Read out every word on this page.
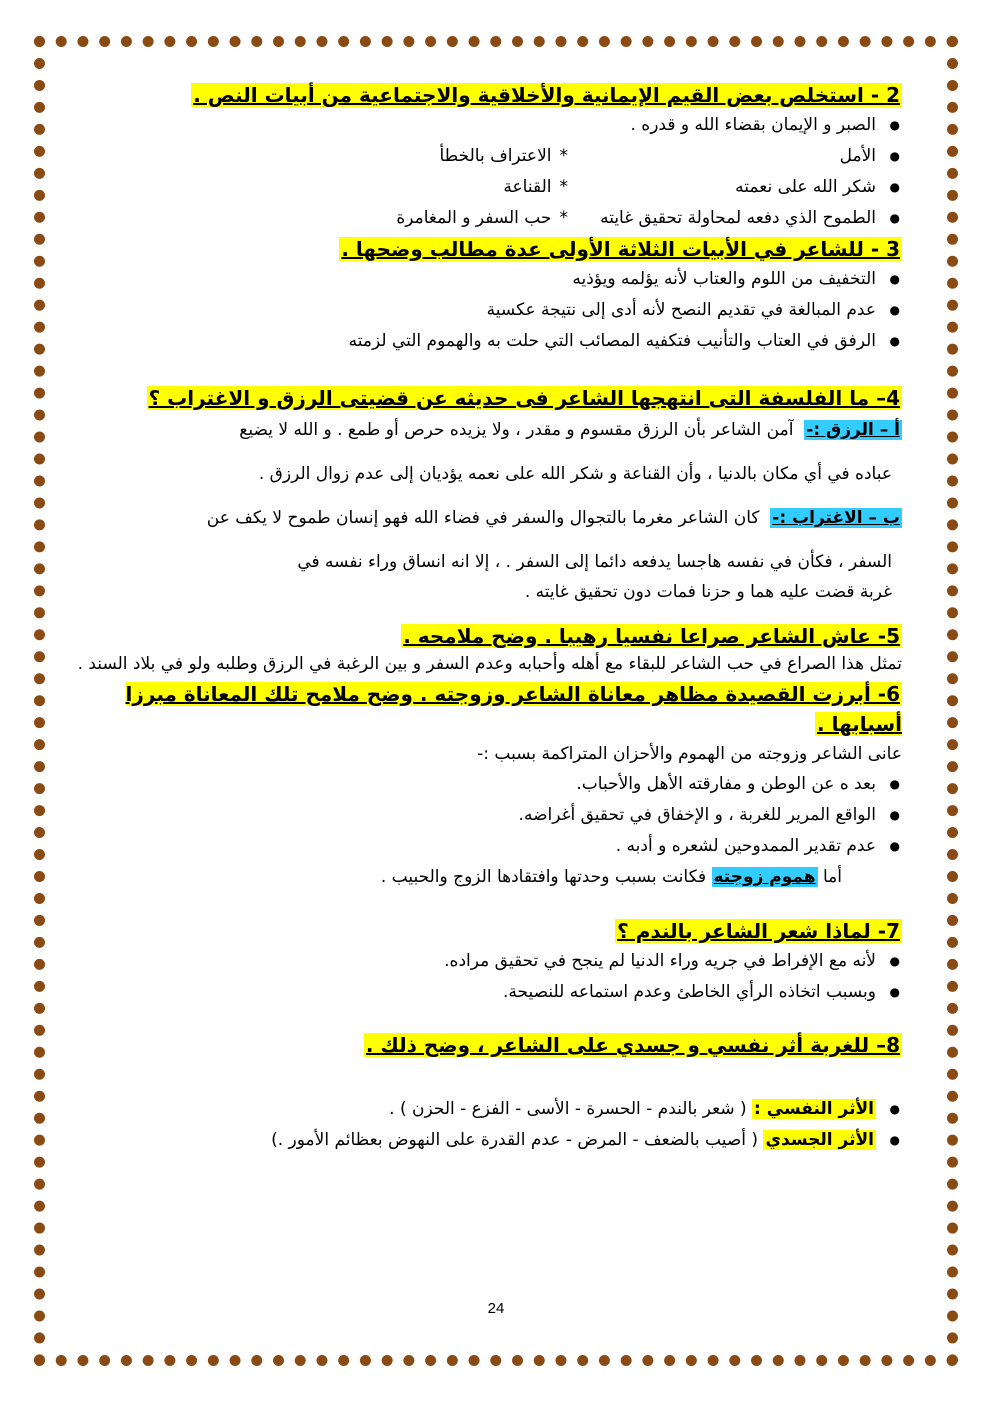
2 - استخلص بعض القيم الإيمانية والأخلاقية والاجتماعية من أبيات النص .

● الصبر و الإيمان بقضاء الله و قدره .
● الأمل
*
الاعتراف بالخطأ
● شكر الله على نعمته
*
القناعة
● الطموح الذي دفعه لمحاولة تحقيق غايته
*
حب السفر و المغامرة

3 - للشاعر في الأبيات الثلاثة الأولى عدة مطالب وضحها .

● التخفيف من اللوم والعتاب لأنه يؤلمه ويؤذيه
● عدم المبالغة في تقديم النصح لأنه أدى إلى نتيجة عكسية
● الرفق في العتاب والتأنيب فتكفيه المصائب التي حلت به والهموم التي لزمته

4– ما الفلسفة التى انتهجها الشاعر فى حديثه عن قضيتى الرزق و الاغتراب ؟

أ – الرزق :-  آمن الشاعر بأن الرزق مقسوم و مقدر ، ولا يزيده حرص أو طمع . و الله لا يضيع

عباده في أي مكان بالدنيا ، وأن القناعة و شكر الله على نعمه يؤديان إلى عدم زوال الرزق .

ب – الاغتراب :-  كان الشاعر مغرما بالتجوال والسفر في فضاء الله فهو إنسان طموح لا يكف عن

السفر ، فكأن في نفسه هاجسا يدفعه دائما إلى السفر . ، إلا انه انساق وراء نفسه في

غربة قضت عليه هما و حزنا فمات دون تحقيق غايته .

5- عاش الشاعر صراعا نفسيا رهيبا . وضح ملامحه .

تمثل هذا الصراع في حب الشاعر للبقاء مع أهله وأحبابه وعدم السفر و بين الرغبة في الرزق وطلبه ولو في بلاد السند .

6- أبرزت القصيدة مظاهر معاناة الشاعر وزوجته . وضح ملامح تلك المعاناة مبرزا أسبابها .

عانى الشاعر وزوجته من الهموم والأحزان المتراكمة بسبب :-

● بعد ه عن الوطن و مفارقته الأهل والأحباب.
● الواقع المرير للغربة ، و الإخفاق في تحقيق أغراضه.
● عدم تقدير الممدوحين لشعره و أدبه .

أما هموم زوجته فكانت بسبب وحدتها وافتقادها الزوج والحبيب .

7- لماذا شعر الشاعر بالندم ؟

● لأنه مع الإفراط في جريه وراء الدنيا لم ينجح في تحقيق مراده.
● وبسبب اتخاذه الرأي الخاطئ وعدم استماعه للنصيحة.

8– للغربة أثر نفسي و جسدي على الشاعر ، وضح ذلك .

● الأثر النفسي : ( شعر بالندم - الحسرة - الأسى - الفزع - الحزن ) .
● الأثر الجسدي ( أصيب بالضعف - المرض - عدم القدرة على النهوض بعظائم الأمور .)
24
